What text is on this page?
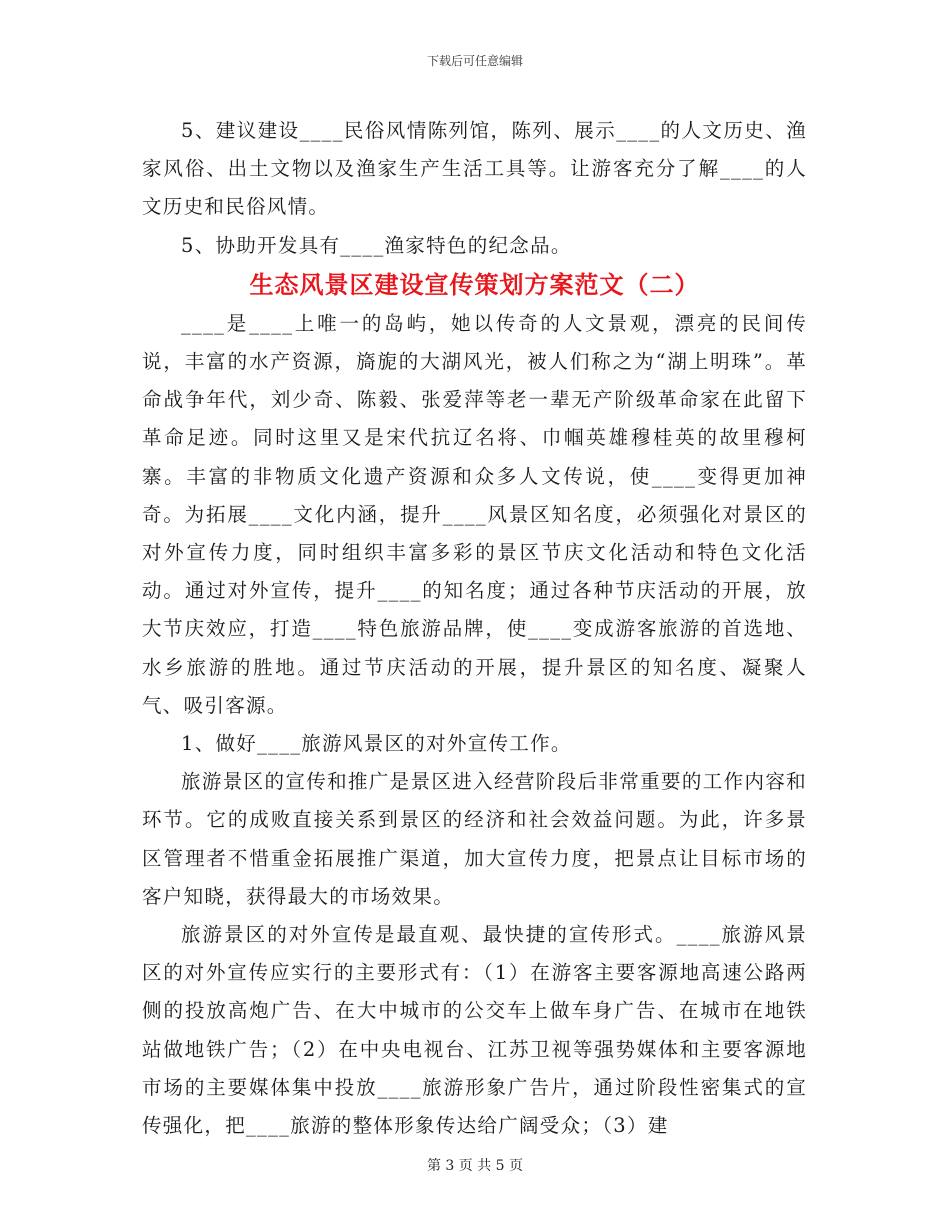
下载后可任意编辑

5、建议建设____民俗风情陈列馆，陈列、展示____的人文历史、渔家风俗、出土文物以及渔家生产生活工具等。让游客充分了解____的人文历史和民俗风情。

5、协助开发具有____渔家特色的纪念品。

生态风景区建设宣传策划方案范文（二）

____是____上唯一的岛屿，她以传奇的人文景观，漂亮的民间传说，丰富的水产资源，旖旎的大湖风光，被人们称之为“湖上明珠”。革命战争年代，刘少奇、陈毅、张爱萍等老一辈无产阶级革命家在此留下革命足迹。同时这里又是宋代抗辽名将、巾帼英雄穆桂英的故里穆柯寨。丰富的非物质文化遗产资源和众多人文传说，使____变得更加神奇。为拓展____文化内涵，提升____风景区知名度，必须强化对景区的对外宣传力度，同时组织丰富多彩的景区节庆文化活动和特色文化活动。通过对外宣传，提升____的知名度；通过各种节庆活动的开展，放大节庆效应，打造____特色旅游品牌，使____变成游客旅游的首选地、水乡旅游的胜地。通过节庆活动的开展，提升景区的知名度、凝聚人气、吸引客源。

1、做好____旅游风景区的对外宣传工作。

旅游景区的宣传和推广是景区进入经营阶段后非常重要的工作内容和环节。它的成败直接关系到景区的经济和社会效益问题。为此，许多景区管理者不惜重金拓展推广渠道，加大宣传力度，把景点让目标市场的客户知晓，获得最大的市场效果。

旅游景区的对外宣传是最直观、最快捷的宣传形式。____旅游风景区的对外宣传应实行的主要形式有：（1）在游客主要客源地高速公路两侧的投放高炮广告、在大中城市的公交车上做车身广告、在城市在地铁站做地铁广告；（2）在中央电视台、江苏卫视等强势媒体和主要客源地市场的主要媒体集中投放____旅游形象广告片，通过阶段性密集式的宣传强化，把____旅游的整体形象传达给广阔受众；（3）建

第 3 页 共 5 页
